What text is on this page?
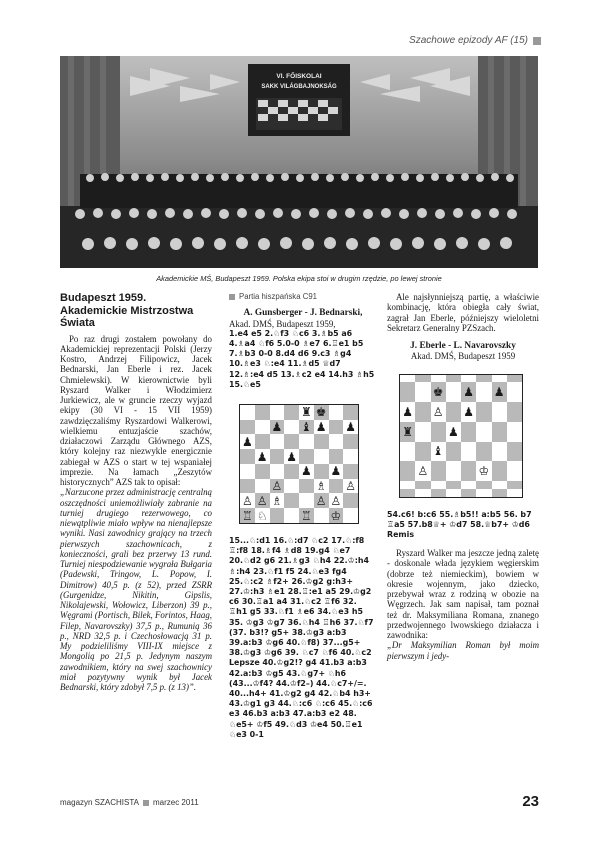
Szachowe epizody AF (15)
VI. FŐISKOLAI
SAKK VILÁGBAJNOKSÁG
Akademickie MŚ, Budapeszt 1959. Polska ekipa stoi w drugim rzędzie, po lewej stronie
Budapeszt 1959. Akademickie Mistrzostwa Świata

Po raz drugi zostałem powołany do Akademickiej reprezentacji Polski (Jerzy Kostro, Andrzej Filipowicz, Jacek Bednarski, Jan Eberle i rez. Jacek Chmielewski). W kierownictwie byli Ryszard Walker i Włodzimierz Jurkiewicz, ale w gruncie rzeczy wyjazd ekipy (30 VI - 15 VII 1959) zawdzięczaliśmy Ryszardowi Walkerowi, wielkiemu entuzjaście szachów, działaczowi Zarządu Głównego AZS, który kolejny raz niezwykle energicznie zabiegał w AZS o start w tej wspaniałej imprezie. Na łamach „Zeszytów historycznych” AZS tak to opisał:

„Narzucone przez administrację centralną oszczędności uniemożliwiały zabranie na turniej drugiego rezerwowego, co niewątpliwie miało wpływ na nienajlepsze wyniki. Nasi zawodnicy grający na trzech pierwszych szachownicach, z konieczności, grali bez przerwy 13 rund. Turniej niespodziewanie wygrała Bułgaria (Padewski, Tringow, L. Popow, I. Dimitrow) 40,5 p. (z 52), przed ZSRR (Gurgenidze, Nikitin, Gipslis, Nikolajewski, Wołowicz, Liberzon) 39 p., Węgrami (Portisch, Bilek, Forintos, Haag, Filep, Navarovszky) 37,5 p., Rumunią 36 p., NRD 32,5 p. i Czechosłowacją 31 p. My podzieliliśmy VIII-IX miejsce z Mongolią po 21,5 p. Jedynym naszym zawodnikiem, który na swej szachownicy miał pozytywny wynik był Jacek Bednarski, który zdobył 7,5 p. (z 13)”.

Partia hiszpańska C91

A. Gunsberger - J. Bednarski,

Akad. DMŚ, Budapeszt 1959,

1.e4 e5 2.♘f3 ♘c6 3.♗b5 a6 4.♗a4 ♘f6 5.0-0 ♗e7 6.♖e1 b5 7.♗b3 0-0 8.d4 d6 9.c3 ♗g4 10.♗e3 ♘:e4 11.♗d5 ♕d7 12.♗:e4 d5 13.♗c2 e4 14.h3 ♗h5 15.♘e5

♜ ♚
♟ ♝ ♟ ♟
♟
♟ ♟
♟ ♟
♙	♗ ♙
♙ ♙ ♗	♙ ♙
♖ ♘	♖ ♔

15...♘:d1 16.♘:d7 ♘c2 17.♘:f8 ♖:f8 18.♗f4 ♗d8 19.g4 ♘e7 20.♘d2 g6 21.♗g3 ♘h4 22.♔:h4 ♗:h4 23.♘f1 f5 24.♘e3 fg4 25.♘:c2 ♗f2+ 26.♔g2 g:h3+ 27.♔:h3 ♗e1 28.♖:e1 a5 29.♔g2 c6 30.♖a1 a4 31.♘c2 ♖f6 32. ♖h1 g5 33.♘f1 ♗e6 34.♘e3 h5 35. ♔g3 ♔g7 36.♘h4 ♖h6 37.♘f7 (37. b3!? g5+ 38.♔g3 a:b3 39.a:b3 ♔g6 40.♘f8) 37...g5+ 38.♔g3 ♔g6 39. ♘c7 ♘f6 40.♘c2 Lepsze 40.♔g2!? g4 41.b3 a:b3 42.a:b3 ♔g5 43.♘g7+ ♘h6 (43...♔f4? 44.♔f2–) 44.♘c7+/=. 40...h4+ 41.♔g2 g4 42.♘b4 h3+ 43.♔g1 g3 44.♘:c6 ♘:c6 45.♘:c6 e3 46.b3 a:b3 47.a:b3 e2 48. ♘e5+ ♔f5 49.♘d3 ♔e4 50.♖e1 ♘e3 0-1

Ale najsłynniejszą partię, a właściwie kombinację, która obiegła cały świat, zagrał Jan Eberle, późniejszy wieloletni Sekretarz Generalny PZSzach.

J. Eberle - L. Navarovszky

Akad. DMŚ, Budapeszt 1959

♚ ♟ ♟
♟ ♙ ♟
♜	♟
♝
♙	♔

54.c6! b:c6 55.♗b5!! a:b5 56. b7 ♖a5 57.b8♕+ ♔d7 58.♕b7+ ♔d6 Remis

Ryszard Walker ma jeszcze jedną zaletę - doskonale włada językiem węgierskim (dobrze też niemieckim), bowiem w okresie wojennym, jako dziecko, przebywał wraz z rodziną w obozie na Węgrzech. Jak sam napisał, tam poznał też dr. Maksymiliana Romana, znanego przedwojennego lwowskiego działacza i zawodnika:

„Dr Maksymilian Roman był moim pierwszym i jedy-

magazyn SZACHISTA marzec 2011	23
